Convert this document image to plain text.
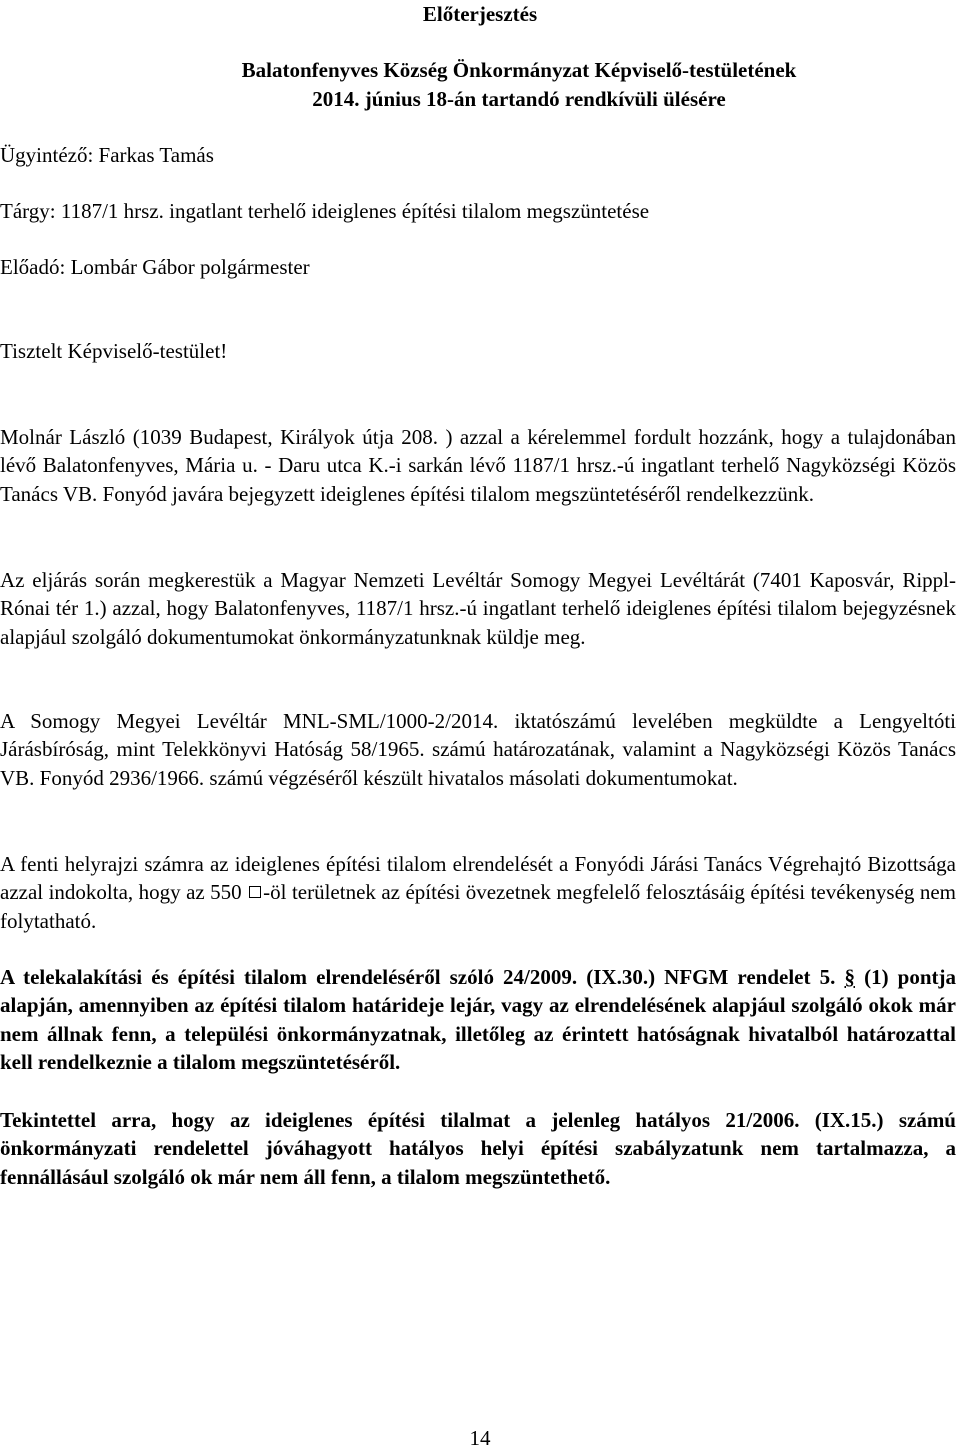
Előterjesztés
Balatonfenyves Község Önkormányzat Képviselő-testületének
2014. június 18-án tartandó rendkívüli ülésére
Ügyintéző: Farkas Tamás
Tárgy: 1187/1 hrsz. ingatlant terhelő ideiglenes építési tilalom megszüntetése
Előadó: Lombár Gábor polgármester
Tisztelt Képviselő-testület!
Molnár László (1039 Budapest, Királyok útja 208. ) azzal a kérelemmel fordult hozzánk, hogy a tulajdonában lévő Balatonfenyves, Mária u. - Daru utca K.-i sarkán lévő 1187/1 hrsz.-ú ingatlant terhelő Nagyközségi Közös Tanács VB. Fonyód javára bejegyzett ideiglenes építési tilalom megszüntetéséről rendelkezzünk.
Az eljárás során megkerestük a Magyar Nemzeti Levéltár Somogy Megyei Levéltárát (7401 Kaposvár, Rippl-Rónai tér 1.) azzal, hogy Balatonfenyves, 1187/1 hrsz.-ú ingatlant terhelő ideiglenes építési tilalom bejegyzésnek alapjául szolgáló dokumentumokat önkormányzatunknak küldje meg.
A Somogy Megyei Levéltár MNL-SML/1000-2/2014. iktatószámú levelében megküldte a Lengyeltóti Járásbíróság, mint Telekkönyvi Hatóság 58/1965. számú határozatának, valamint a Nagyközségi Közös Tanács VB. Fonyód 2936/1966. számú végzéséről készült hivatalos másolati dokumentumokat.
A fenti helyrajzi számra az ideiglenes építési tilalom elrendelését a Fonyódi Járási Tanács Végrehajtó Bizottsága azzal indokolta, hogy az 550 -öl területnek az építési övezetnek megfelelő felosztásáig építési tevékenység nem folytatható.
A telekalakítási és építési tilalom elrendeléséről szóló 24/2009. (IX.30.) NFGM rendelet 5. § (1) pontja alapján, amennyiben az építési tilalom határideje lejár, vagy az elrendelésének alapjául szolgáló okok már nem állnak fenn, a települési önkormányzatnak, illetőleg az érintett hatóságnak hivatalból határozattal kell rendelkeznie a tilalom megszüntetéséről.
Tekintettel arra, hogy az ideiglenes építési tilalmat a jelenleg hatályos 21/2006. (IX.15.) számú önkormányzati rendelettel jóváhagyott hatályos helyi építési szabályzatunk nem tartalmazza, a fennállásául szolgáló ok már nem áll fenn, a tilalom megszüntethető.
14
